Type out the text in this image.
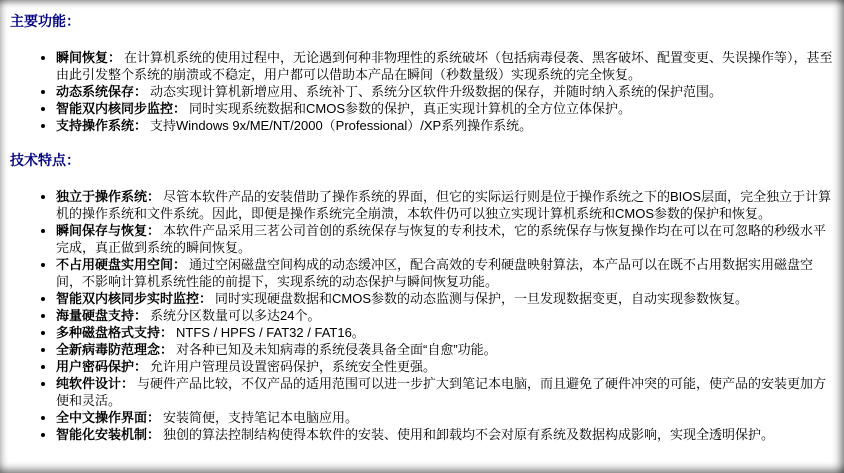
主要功能：

• 瞬间恢复： 在计算机系统的使用过程中，无论遇到何种非物理性的系统破坏（包括病毒侵袭、黑客破坏、配置变更、失误操作等），甚至由此引发整个系统的崩溃或不稳定，用户都可以借助本产品在瞬间（秒数量级）实现系统的完全恢复。
• 动态系统保存： 动态实现计算机新增应用、系统补丁、系统分区软件升级数据的保存，并随时纳入系统的保护范围。
• 智能双内核同步监控： 同时实现系统数据和CMOS参数的保护，真正实现计算机的全方位立体保护。
• 支持操作系统： 支持Windows 9x/ME/NT/2000（Professional）/XP系列操作系统。

技术特点：

• 独立于操作系统： 尽管本软件产品的安装借助了操作系统的界面，但它的实际运行则是位于操作系统之下的BIOS层面，完全独立于计算机的操作系统和文件系统。因此，即便是操作系统完全崩溃，本软件仍可以独立实现计算机系统和CMOS参数的保护和恢复。
• 瞬间保存与恢复： 本软件产品采用三茗公司首创的系统保存与恢复的专利技术，它的系统保存与恢复操作均在可以在可忽略的秒级水平完成，真正做到系统的瞬间恢复。
• 不占用硬盘实用空间： 通过空闲磁盘空间构成的动态缓冲区，配合高效的专利硬盘映射算法，本产品可以在既不占用数据实用磁盘空间，不影响计算机系统性能的前提下，实现系统的动态保护与瞬间恢复功能。
• 智能双内核同步实时监控： 同时实现硬盘数据和CMOS参数的动态监测与保护，一旦发现数据变更，自动实现参数恢复。
• 海量硬盘支持： 系统分区数量可以多达24个。
• 多种磁盘格式支持： NTFS / HPFS / FAT32 / FAT16。
• 全新病毒防范理念： 对各种已知及未知病毒的系统侵袭具备全面“自愈”功能。
• 用户密码保护： 允许用户管理员设置密码保护，系统安全性更强。
• 纯软件设计： 与硬件产品比较，不仅产品的适用范围可以进一步扩大到笔记本电脑，而且避免了硬件冲突的可能，使产品的安装更加方便和灵活。
• 全中文操作界面： 安装简便，支持笔记本电脑应用。
• 智能化安装机制： 独创的算法控制结构使得本软件的安装、使用和卸载均不会对原有系统及数据构成影响，实现全透明保护。
